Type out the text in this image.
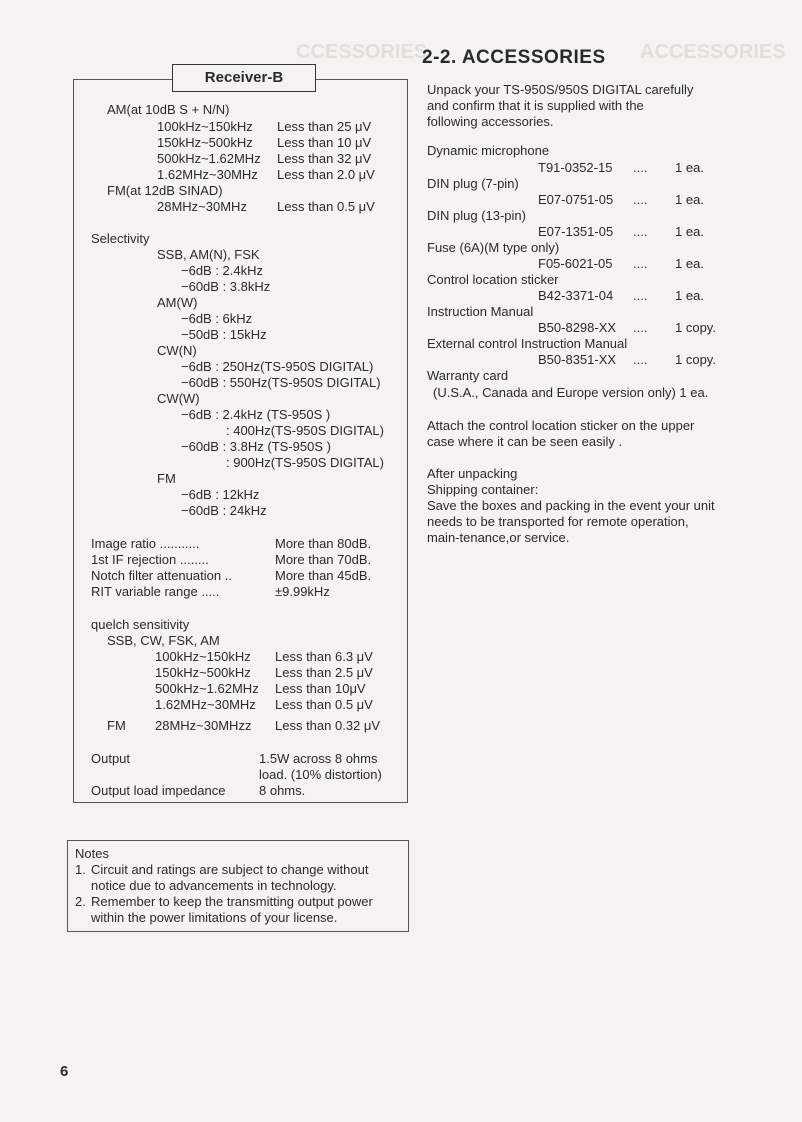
CCESSORIES	ACCESSORIES
Receiver-B
AM(at 10dB S + N/N)
100kHz~150kHz Less than 25 μV
150kHz~500kHz Less than 10 μV
500kHz~1.62MHz Less than 32 μV
1.62MHz~30MHz Less than 2.0 μV
FM(at 12dB SINAD)
28MHz~30MHz Less than 0.5 μV
Selectivity
SSB, AM(N), FSK
−6dB : 2.4kHz
−60dB : 3.8kHz
AM(W)
−6dB : 6kHz
−50dB : 15kHz
CW(N)
−6dB : 250Hz(TS-950S DIGITAL)
−60dB : 550Hz(TS-950S DIGITAL)
CW(W)
−6dB : 2.4kHz (TS-950S )
: 400Hz(TS-950S DIGITAL)
−60dB : 3.8Hz (TS-950S )
: 900Hz(TS-950S DIGITAL)
FM
−6dB : 12kHz
−60dB : 24kHz
Image ratio ...........	More than 80dB.
1st IF rejection ........	More than 70dB.
Notch filter attenuation ..	More than 45dB.
RIT variable range .....	±9.99kHz
quelch sensitivity
SSB, CW, FSK, AM
100kHz~150kHz Less than 6.3 μV
150kHz~500kHz Less than 2.5 μV
500kHz~1.62MHz Less than 10μV
1.62MHz~30MHz Less than 0.5 μV
FM 28MHz~30MHzz Less than 0.32 μV
Output	1.5W across 8 ohms
load. (10% distortion)
Output load impedance	8 ohms.
Notes
1. Circuit and ratings are subject to change without
notice due to advancements in technology.
2. Remember to keep the transmitting output power
within the power limitations of your license.
2-2. ACCESSORIES
Unpack your TS-950S/950S DIGITAL carefully
and confirm that it is supplied with the
following accessories.
Dynamic microphone
T91-0352-15 .... 1 ea.
DIN plug (7-pin)
E07-0751-05 .... 1 ea.
DIN plug (13-pin)
E07-1351-05 .... 1 ea.
Fuse (6A)(M type only)
F05-6021-05 .... 1 ea.
Control location sticker
B42-3371-04 .... 1 ea.
Instruction Manual
B50-8298-XX .... 1 copy.
External control Instruction Manual
B50-8351-XX .... 1 copy.
Warranty card
(U.S.A., Canada and Europe version only) 1 ea.
Attach the control location sticker on the upper
case where it can be seen easily .
After unpacking
Shipping container:
Save the boxes and packing in the event your unit
needs to be transported for remote operation,
main-tenance,or service.
6
